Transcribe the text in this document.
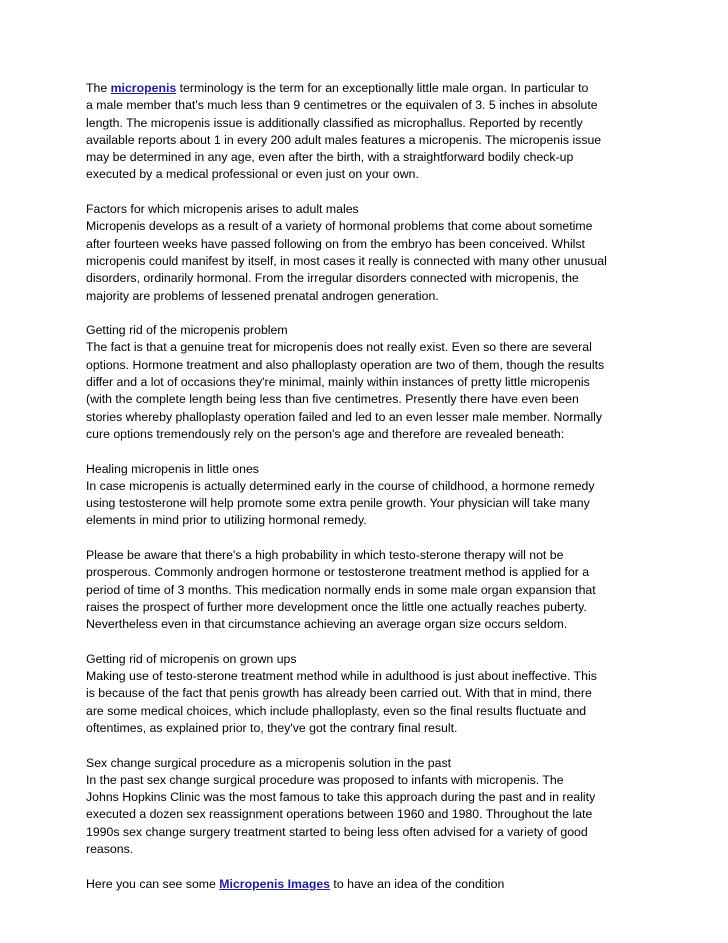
The micropenis terminology is the term for an exceptionally little male organ. In particular to
a male member that's much less than 9 centimetres or the equivalen of 3. 5 inches in absolute
length. The micropenis issue is additionally classified as microphallus. Reported by recently
available reports about 1 in every 200 adult males features a micropenis. The micropenis issue
may be determined in any age, even after the birth, with a straightforward bodily check-up
executed by a medical professional or even just on your own.

Factors for which micropenis arises to adult males
Micropenis develops as a result of a variety of hormonal problems that come about sometime
after fourteen weeks have passed following on from the embryo has been conceived. Whilst
micropenis could manifest by itself, in most cases it really is connected with many other unusual
disorders, ordinarily hormonal. From the irregular disorders connected with micropenis, the
majority are problems of lessened prenatal androgen generation.

Getting rid of the micropenis problem
The fact is that a genuine treat for micropenis does not really exist. Even so there are several
options. Hormone treatment and also phalloplasty operation are two of them, though the results
differ and a lot of occasions they're minimal, mainly within instances of pretty little micropenis
(with the complete length being less than five centimetres. Presently there have even been
stories whereby phalloplasty operation failed and led to an even lesser male member. Normally
cure options tremendously rely on the person's age and therefore are revealed beneath:

Healing micropenis in little ones
In case micropenis is actually determined early in the course of childhood, a hormone remedy
using testosterone will help promote some extra penile growth. Your physician will take many
elements in mind prior to utilizing hormonal remedy.

Please be aware that there's a high probability in which testo-sterone therapy will not be
prosperous. Commonly androgen hormone or testosterone treatment method is applied for a
period of time of 3 months. This medication normally ends in some male organ expansion that
raises the prospect of further more development once the little one actually reaches puberty.
Nevertheless even in that circumstance achieving an average organ size occurs seldom.

Getting rid of micropenis on grown ups
Making use of testo-sterone treatment method while in adulthood is just about ineffective. This
is because of the fact that penis growth has already been carried out. With that in mind, there
are some medical choices, which include phalloplasty, even so the final results fluctuate and
oftentimes, as explained prior to, they've got the contrary final result.

Sex change surgical procedure as a micropenis solution in the past
In the past sex change surgical procedure was proposed to infants with micropenis. The
Johns Hopkins Clinic was the most famous to take this approach during the past and in reality
executed a dozen sex reassignment operations between 1960 and 1980. Throughout the late
1990s sex change surgery treatment started to being less often advised for a variety of good
reasons.

Here you can see some Micropenis Images to have an idea of the condition
